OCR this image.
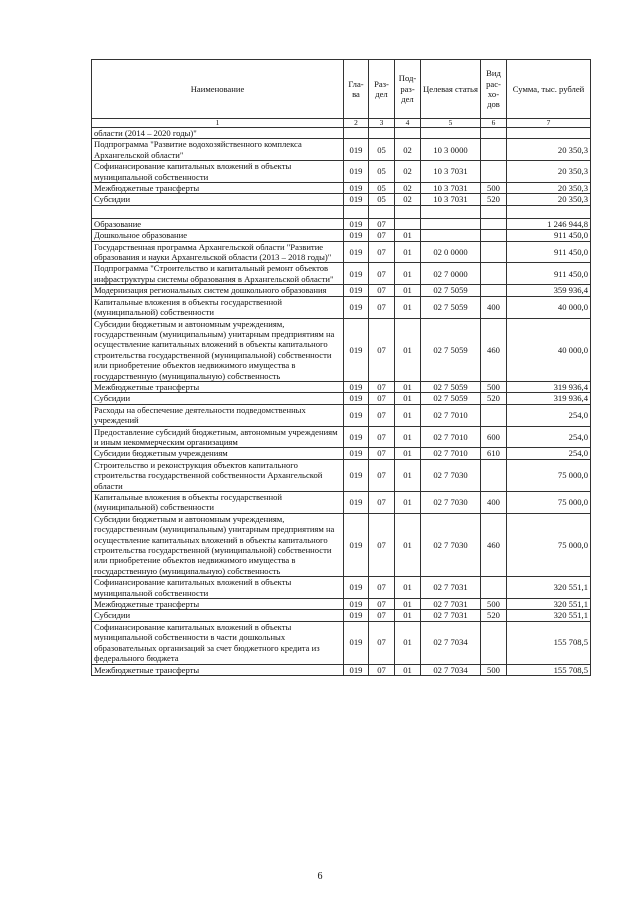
Наименование	Гла-ва	Раз-дел	Под-раз-дел	Целевая статья	Вид рас-хо-дов	Сумма, тыс. рублей
1	2	3	4	5	6	7
области (2014 – 2020 годы)"						
Подпрограмма "Развитие водохозяйственного комплекса Архангельской области"	019	05	02	10 3 0000		20 350,3
Софинансирование капитальных вложений в объекты муниципальной собственности	019	05	02	10 3 7031		20 350,3
Межбюджетные трансферты	019	05	02	10 3 7031	500	20 350,3
Субсидии	019	05	02	10 3 7031	520	20 350,3

Образование	019	07				1 246 944,8
Дошкольное образование	019	07	01			911 450,0
Государственная программа Архангельской области "Развитие образования и науки Архангельской области (2013 – 2018 годы)"	019	07	01	02 0 0000		911 450,0
Подпрограмма "Строительство и капитальный ремонт объектов инфраструктуры системы образования в Архангельской области"	019	07	01	02 7 0000		911 450,0
Модернизация региональных систем дошкольного образования	019	07	01	02 7 5059		359 936,4
Капитальные вложения в объекты государственной (муниципальной) собственности	019	07	01	02 7 5059	400	40 000,0
Субсидии бюджетным и автономным учреждениям, государственным (муниципальным) унитарным предприятиям на осуществление капитальных вложений в объекты капитального строительства государственной (муниципальной) собственности или приобретение объектов недвижимого имущества в государственную (муниципальную) собственность	019	07	01	02 7 5059	460	40 000,0
Межбюджетные трансферты	019	07	01	02 7 5059	500	319 936,4
Субсидии	019	07	01	02 7 5059	520	319 936,4
Расходы на обеспечение деятельности подведомственных учреждений	019	07	01	02 7 7010		254,0
Предоставление субсидий бюджетным, автономным учреждениям и иным некоммерческим организациям	019	07	01	02 7 7010	600	254,0
Субсидии бюджетным учреждениям	019	07	01	02 7 7010	610	254,0
Строительство и реконструкция объектов капитального строительства государственной собственности Архангельской области	019	07	01	02 7 7030		75 000,0
Капитальные вложения в объекты государственной (муниципальной) собственности	019	07	01	02 7 7030	400	75 000,0
Субсидии бюджетным и автономным учреждениям, государственным (муниципальным) унитарным предприятиям на осуществление капитальных вложений в объекты капитального строительства государственной (муниципальной) собственности или приобретение объектов недвижимого имущества в государственную (муниципальную) собственность	019	07	01	02 7 7030	460	75 000,0
Софинансирование капитальных вложений в объекты муниципальной собственности	019	07	01	02 7 7031		320 551,1
Межбюджетные трансферты	019	07	01	02 7 7031	500	320 551,1
Субсидии	019	07	01	02 7 7031	520	320 551,1
Софинансирование капитальных вложений в объекты муниципальной собственности в части дошкольных образовательных организаций за счет бюджетного кредита из федерального бюджета	019	07	01	02 7 7034		155 708,5
Межбюджетные трансферты	019	07	01	02 7 7034	500	155 708,5
6
